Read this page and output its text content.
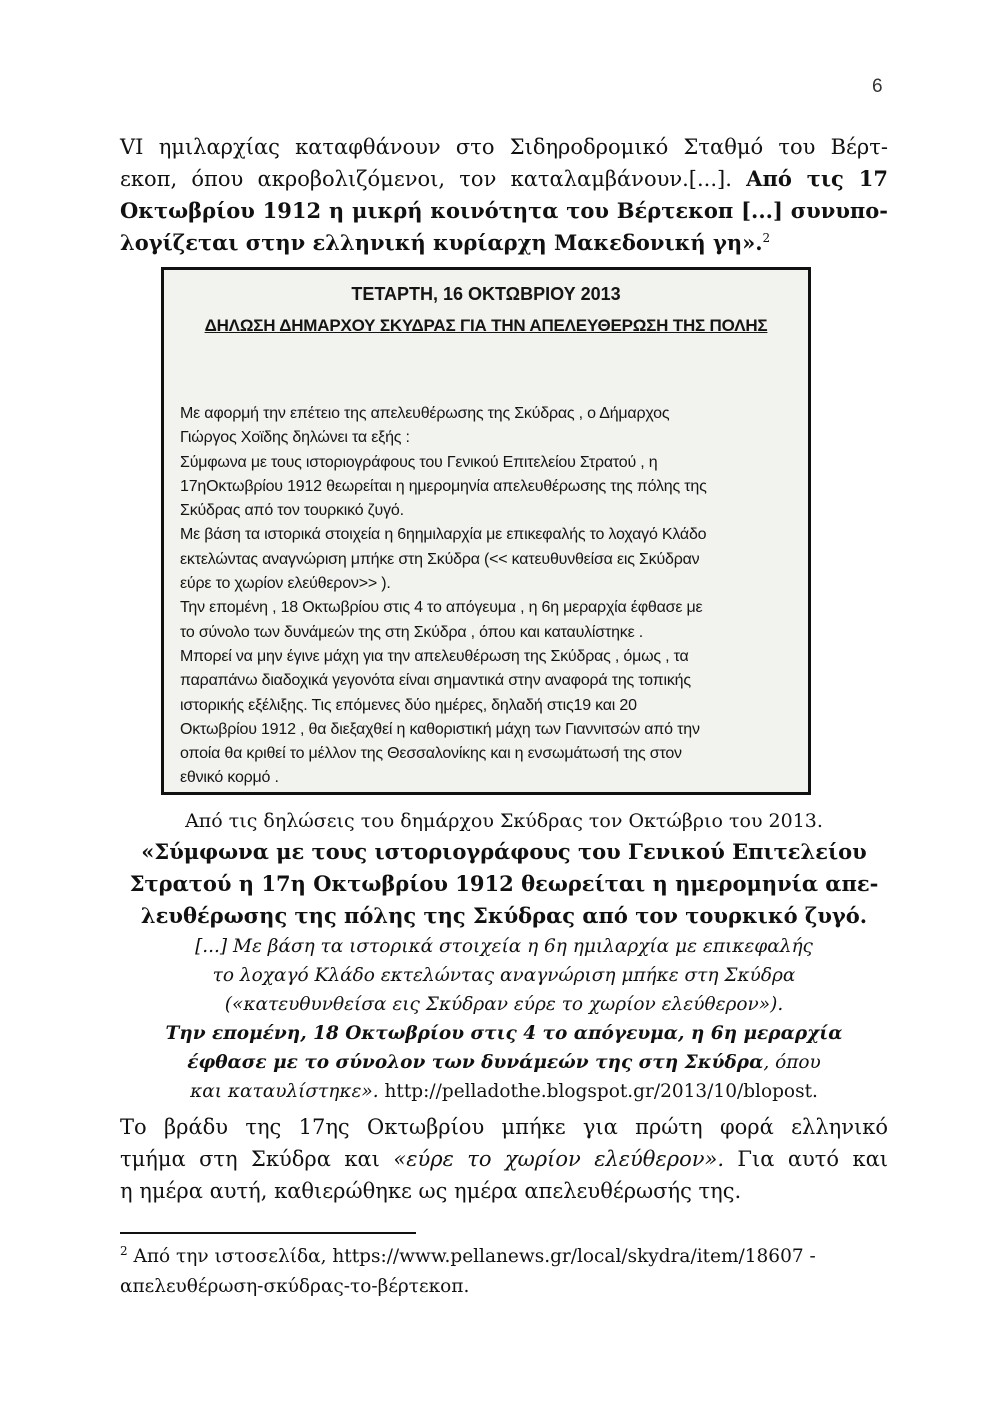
6
VI ημιλαρχίας καταφθάνουν στο Σιδηροδρομικό Σταθμό του Βέρτ-
εκοπ, όπου ακροβολιζόμενοι, τον καταλαμβάνουν.[...]. Από τις 17
Οκτωβρίου 1912 η μικρή κοινότητα του Βέρτεκοπ [...] συνυπο-
λογίζεται στην ελληνική κυρίαρχη Μακεδονική γη».$^2$
ΤΕΤΑΡΤΗ, 16 ΟΚΤΩΒΡΙΟΥ 2013
ΔΗΛΩΣΗ ΔΗΜΑΡΧΟΥ ΣΚΥΔΡΑΣ ΓΙΑ ΤΗΝ ΑΠΕΛΕΥΘΕΡΩΣΗ ΤΗΣ ΠΟΛΗΣ
Με αφορμή την επέτειο της απελευθέρωσης της Σκύδρας , ο Δήμαρχος
Γιώργος Χοϊδης δηλώνει τα εξής :
Σύμφωνα με τους ιστοριογράφους του Γενικού Επιτελείου Στρατού , η
17ηΟκτωβρίου 1912 θεωρείται η ημερομηνία απελευθέρωσης της πόλης της
Σκύδρας από τον τουρκικό ζυγό.
Με βάση τα ιστορικά στοιχεία η 6ηημιλαρχία με επικεφαλής το λοχαγό Κλάδο
εκτελώντας αναγνώριση μπήκε στη Σκύδρα (<< κατευθυνθείσα εις Σκύδραν
εύρε το χωρίον ελεύθερον>> ).
Την επομένη , 18 Οκτωβρίου στις 4 το απόγευμα , η 6η μεραρχία έφθασε με
το σύνολο των δυνάμεών της στη Σκύδρα , όπου και καταυλίστηκε .
Μπορεί να μην έγινε μάχη για την απελευθέρωση της Σκύδρας , όμως , τα
παραπάνω διαδοχικά γεγονότα είναι σημαντικά στην αναφορά της τοπικής
ιστορικής εξέλιξης. Τις επόμενες δύο ημέρες, δηλαδή στις19 και 20
Οκτωβρίου 1912 , θα διεξαχθεί η καθοριστική μάχη των Γιαννιτσών από την
οποία θα κριθεί το μέλλον της Θεσσαλονίκης και η ενσωμάτωσή της στον
εθνικό κορμό .
Από τις δηλώσεις του δημάρχου Σκύδρας τον Οκτώβριο του 2013.
«Σύμφωνα με τους ιστοριογράφους του Γενικού Επιτελείου
Στρατού η 17η Οκτωβρίου 1912 θεωρείται η ημερομηνία απε-
λευθέρωσης της πόλης της Σκύδρας από τον τουρκικό ζυγό.
[...] Με βάση τα ιστορικά στοιχεία η 6η ημιλαρχία με επικεφαλής
το λοχαγό Κλάδο εκτελώντας αναγνώριση μπήκε στη Σκύδρα
(«κατευθυνθείσα εις Σκύδραν εύρε το χωρίον ελεύθερον»).
Την επομένη, 18 Οκτωβρίου στις 4 το απόγευμα, η 6η μεραρχία
έφθασε με το σύνολον των δυνάμεών της στη Σκύδρα, όπου
και καταυλίστηκε». http://pelladothe.blogspot.gr/2013/10/blopost.
Το βράδυ της 17ης Οκτωβρίου μπήκε για πρώτη φορά ελληνικό
τμήμα στη Σκύδρα και «εύρε το χωρίον ελεύθερον». Για αυτό και
η ημέρα αυτή, καθιερώθηκε ως ημέρα απελευθέρωσής της.
$^2$ Από την ιστοσελίδα, https://www.pellanews.gr/local/skydra/item/18607 -
απελευθέρωση-σκύδρας-το-βέρτεκοπ.
